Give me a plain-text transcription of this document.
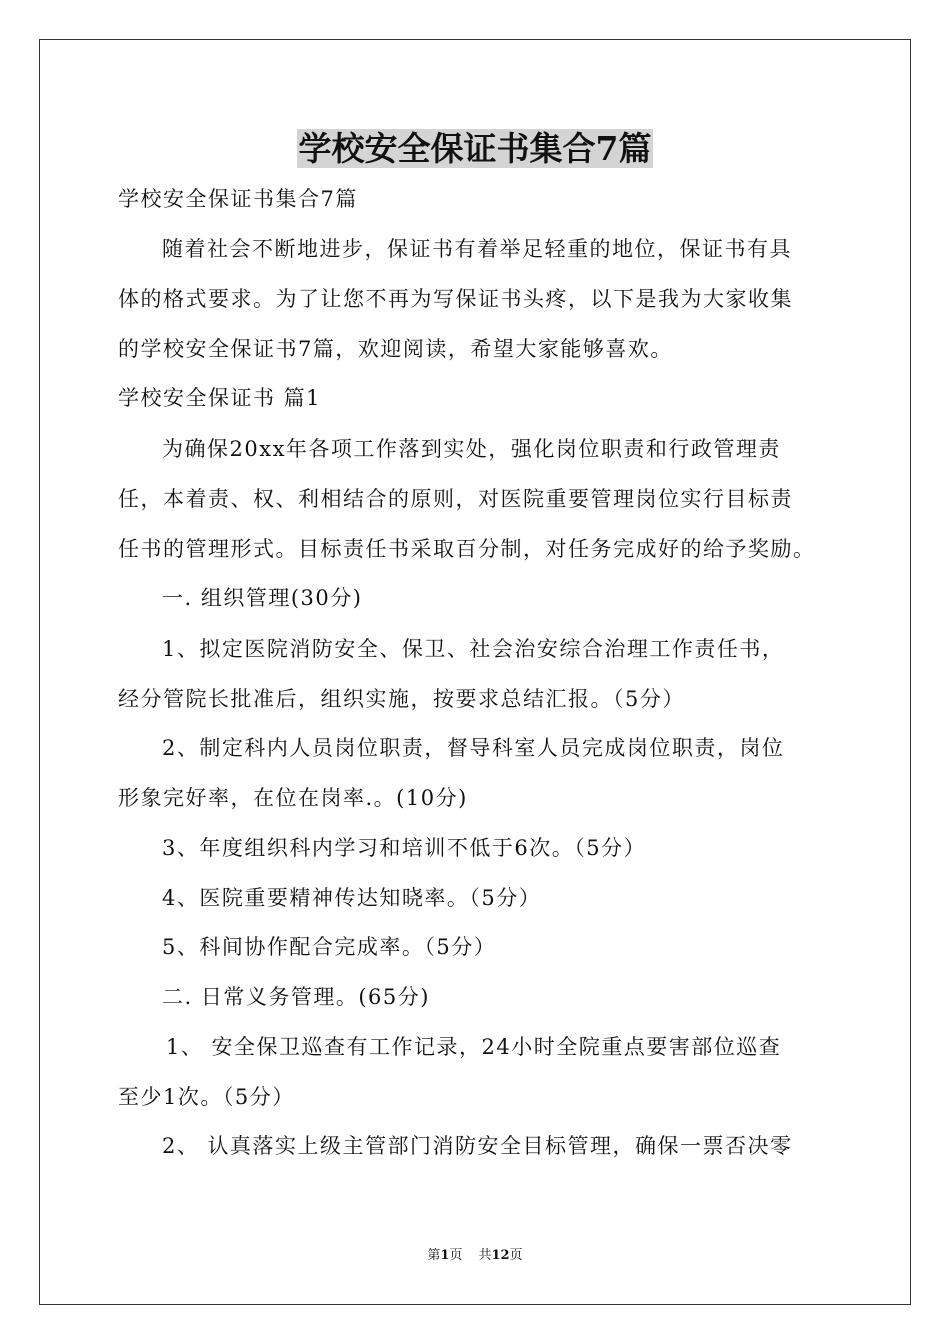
学校安全保证书集合7篇

学校安全保证书集合7篇

随着社会不断地进步，保证书有着举足轻重的地位，保证书有具

体的格式要求。为了让您不再为写保证书头疼，以下是我为大家收集

的学校安全保证书7篇，欢迎阅读，希望大家能够喜欢。

学校安全保证书 篇1

为确保20xx年各项工作落到实处，强化岗位职责和行政管理责

任，本着责、权、利相结合的原则，对医院重要管理岗位实行目标责

任书的管理形式。目标责任书采取百分制，对任务完成好的给予奖励。

一. 组织管理(30分)

1、拟定医院消防安全、保卫、社会治安综合治理工作责任书，

经分管院长批准后，组织实施，按要求总结汇报。（5分）

2、制定科内人员岗位职责，督导科室人员完成岗位职责，岗位

形象完好率，在位在岗率.。(10分)

3、年度组织科内学习和培训不低于6次。（5分）

4、医院重要精神传达知晓率。（5分）

5、科间协作配合完成率。（5分）

二. 日常义务管理。(65分)

1、 安全保卫巡查有工作记录，24小时全院重点要害部位巡查

至少1次。（5分）

2、 认真落实上级主管部门消防安全目标管理，确保一票否决零

第1页 共12页
